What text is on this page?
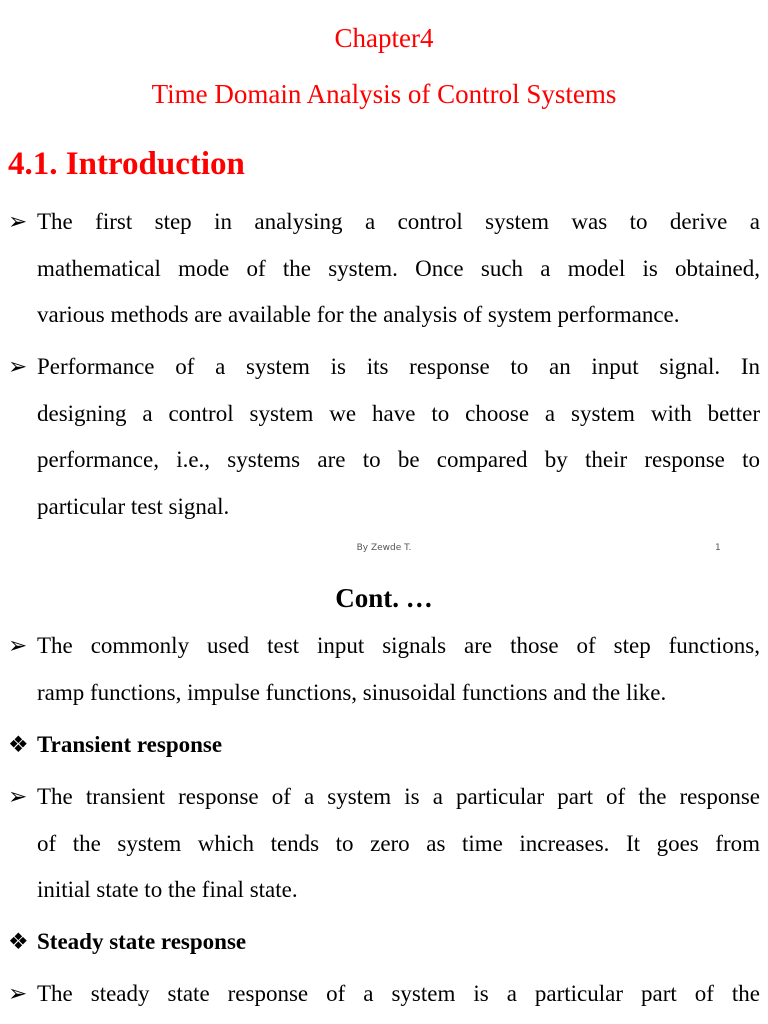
Chapter4
Time Domain Analysis of Control Systems
4.1. Introduction
➢ The first step in analysing a control system was to derive a
mathematical mode of the system. Once such a model is obtained,
various methods are available for the analysis of system performance.
➢ Performance of a system is its response to an input signal. In
designing a control system we have to choose a system with better
performance, i.e., systems are to be compared by their response to
particular test signal.
By Zewde T.	1
Cont. …
➢ The commonly used test input signals are those of step functions,
ramp functions, impulse functions, sinusoidal functions and the like.
❖ Transient response
➢ The transient response of a system is a particular part of the response
of the system which tends to zero as time increases. It goes from
initial state to the final state.
❖ Steady state response
➢ The steady state response of a system is a particular part of the
